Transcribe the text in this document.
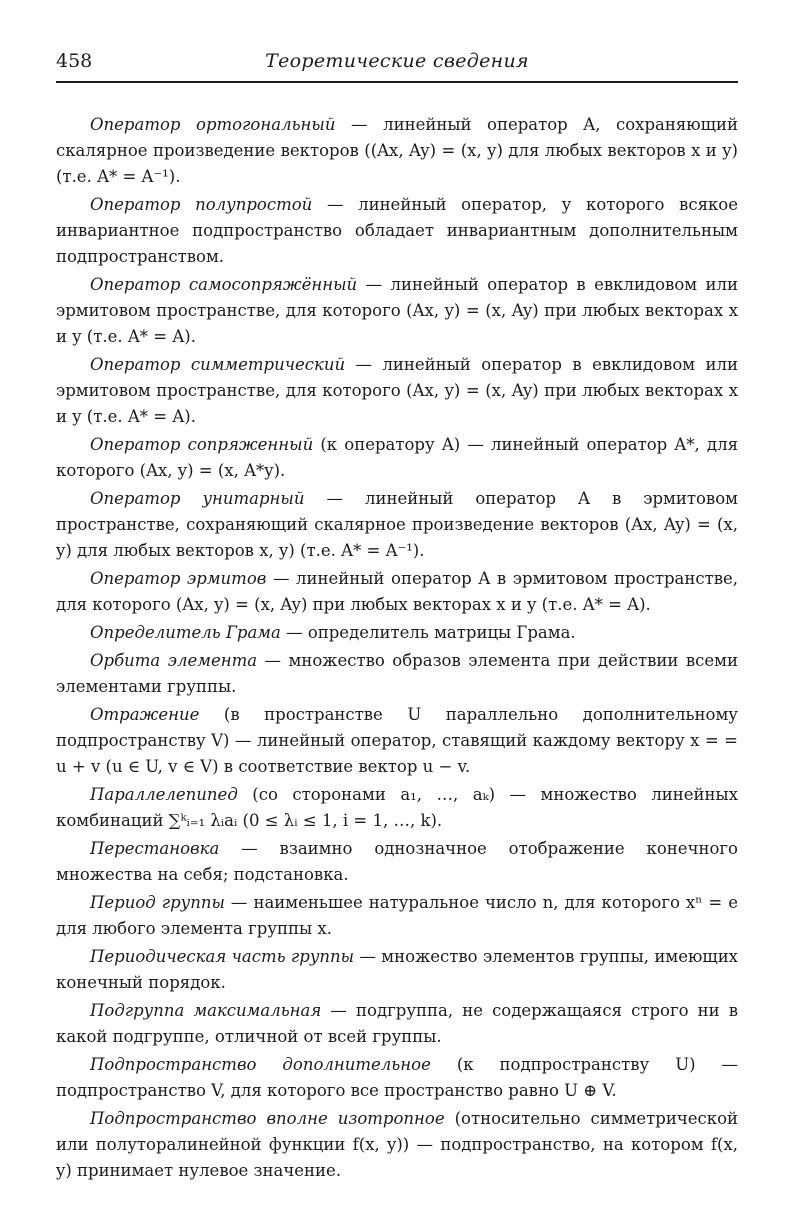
458	Теоретические сведения

Оператор ортогональный — линейный оператор A, сохраняющий скалярное произведение векторов ((Ax, Ay) = (x, y) для любых векторов x и y) (т.е. A* = A⁻¹).

Оператор полупростой — линейный оператор, у которого всякое инвариантное подпространство обладает инвариантным дополнительным подпространством.

Оператор самосопряжённый — линейный оператор в евклидовом или эрмитовом пространстве, для которого (Ax, y) = (x, Ay) при любых векторах x и y (т.е. A* = A).

Оператор симметрический — линейный оператор в евклидовом или эрмитовом пространстве, для которого (Ax, y) = (x, Ay) при любых векторах x и y (т.е. A* = A).

Оператор сопряженный (к оператору A) — линейный оператор A*, для которого (Ax, y) = (x, A*y).

Оператор унитарный — линейный оператор A в эрмитовом пространстве, сохраняющий скалярное произведение векторов (Ax, Ay) = (x, y) для любых векторов x, y) (т.е. A* = A⁻¹).

Оператор эрмитов — линейный оператор A в эрмитовом пространстве, для которого (Ax, y) = (x, Ay) при любых векторах x и y (т.е. A* = A).

Определитель Грама — определитель матрицы Грама.

Орбита элемента — множество образов элемента при действии всеми элементами группы.

Отражение (в пространстве U параллельно дополнительному подпространству V) — линейный оператор, ставящий каждому вектору x = = u + v (u ∈ U, v ∈ V) в соответствие вектор u − v.

Параллелепипед (со сторонами a₁, …, aₖ) — множество линейных комбинаций ∑ᵏᵢ₌₁ λᵢaᵢ (0 ≤ λᵢ ≤ 1, i = 1, …, k).

Перестановка — взаимно однозначное отображение конечного множества на себя; подстановка.

Период группы — наименьшее натуральное число n, для которого xⁿ = e для любого элемента группы x.

Периодическая часть группы — множество элементов группы, имеющих конечный порядок.

Подгруппа максимальная — подгруппа, не содержащаяся строго ни в какой подгруппе, отличной от всей группы.

Подпространство дополнительное (к подпространству U) — подпространство V, для которого все пространство равно U ⊕ V.

Подпространство вполне изотропное (относительно симметрической или полуторалинейной функции f(x, y)) — подпространство, на котором f(x, y) принимает нулевое значение.
